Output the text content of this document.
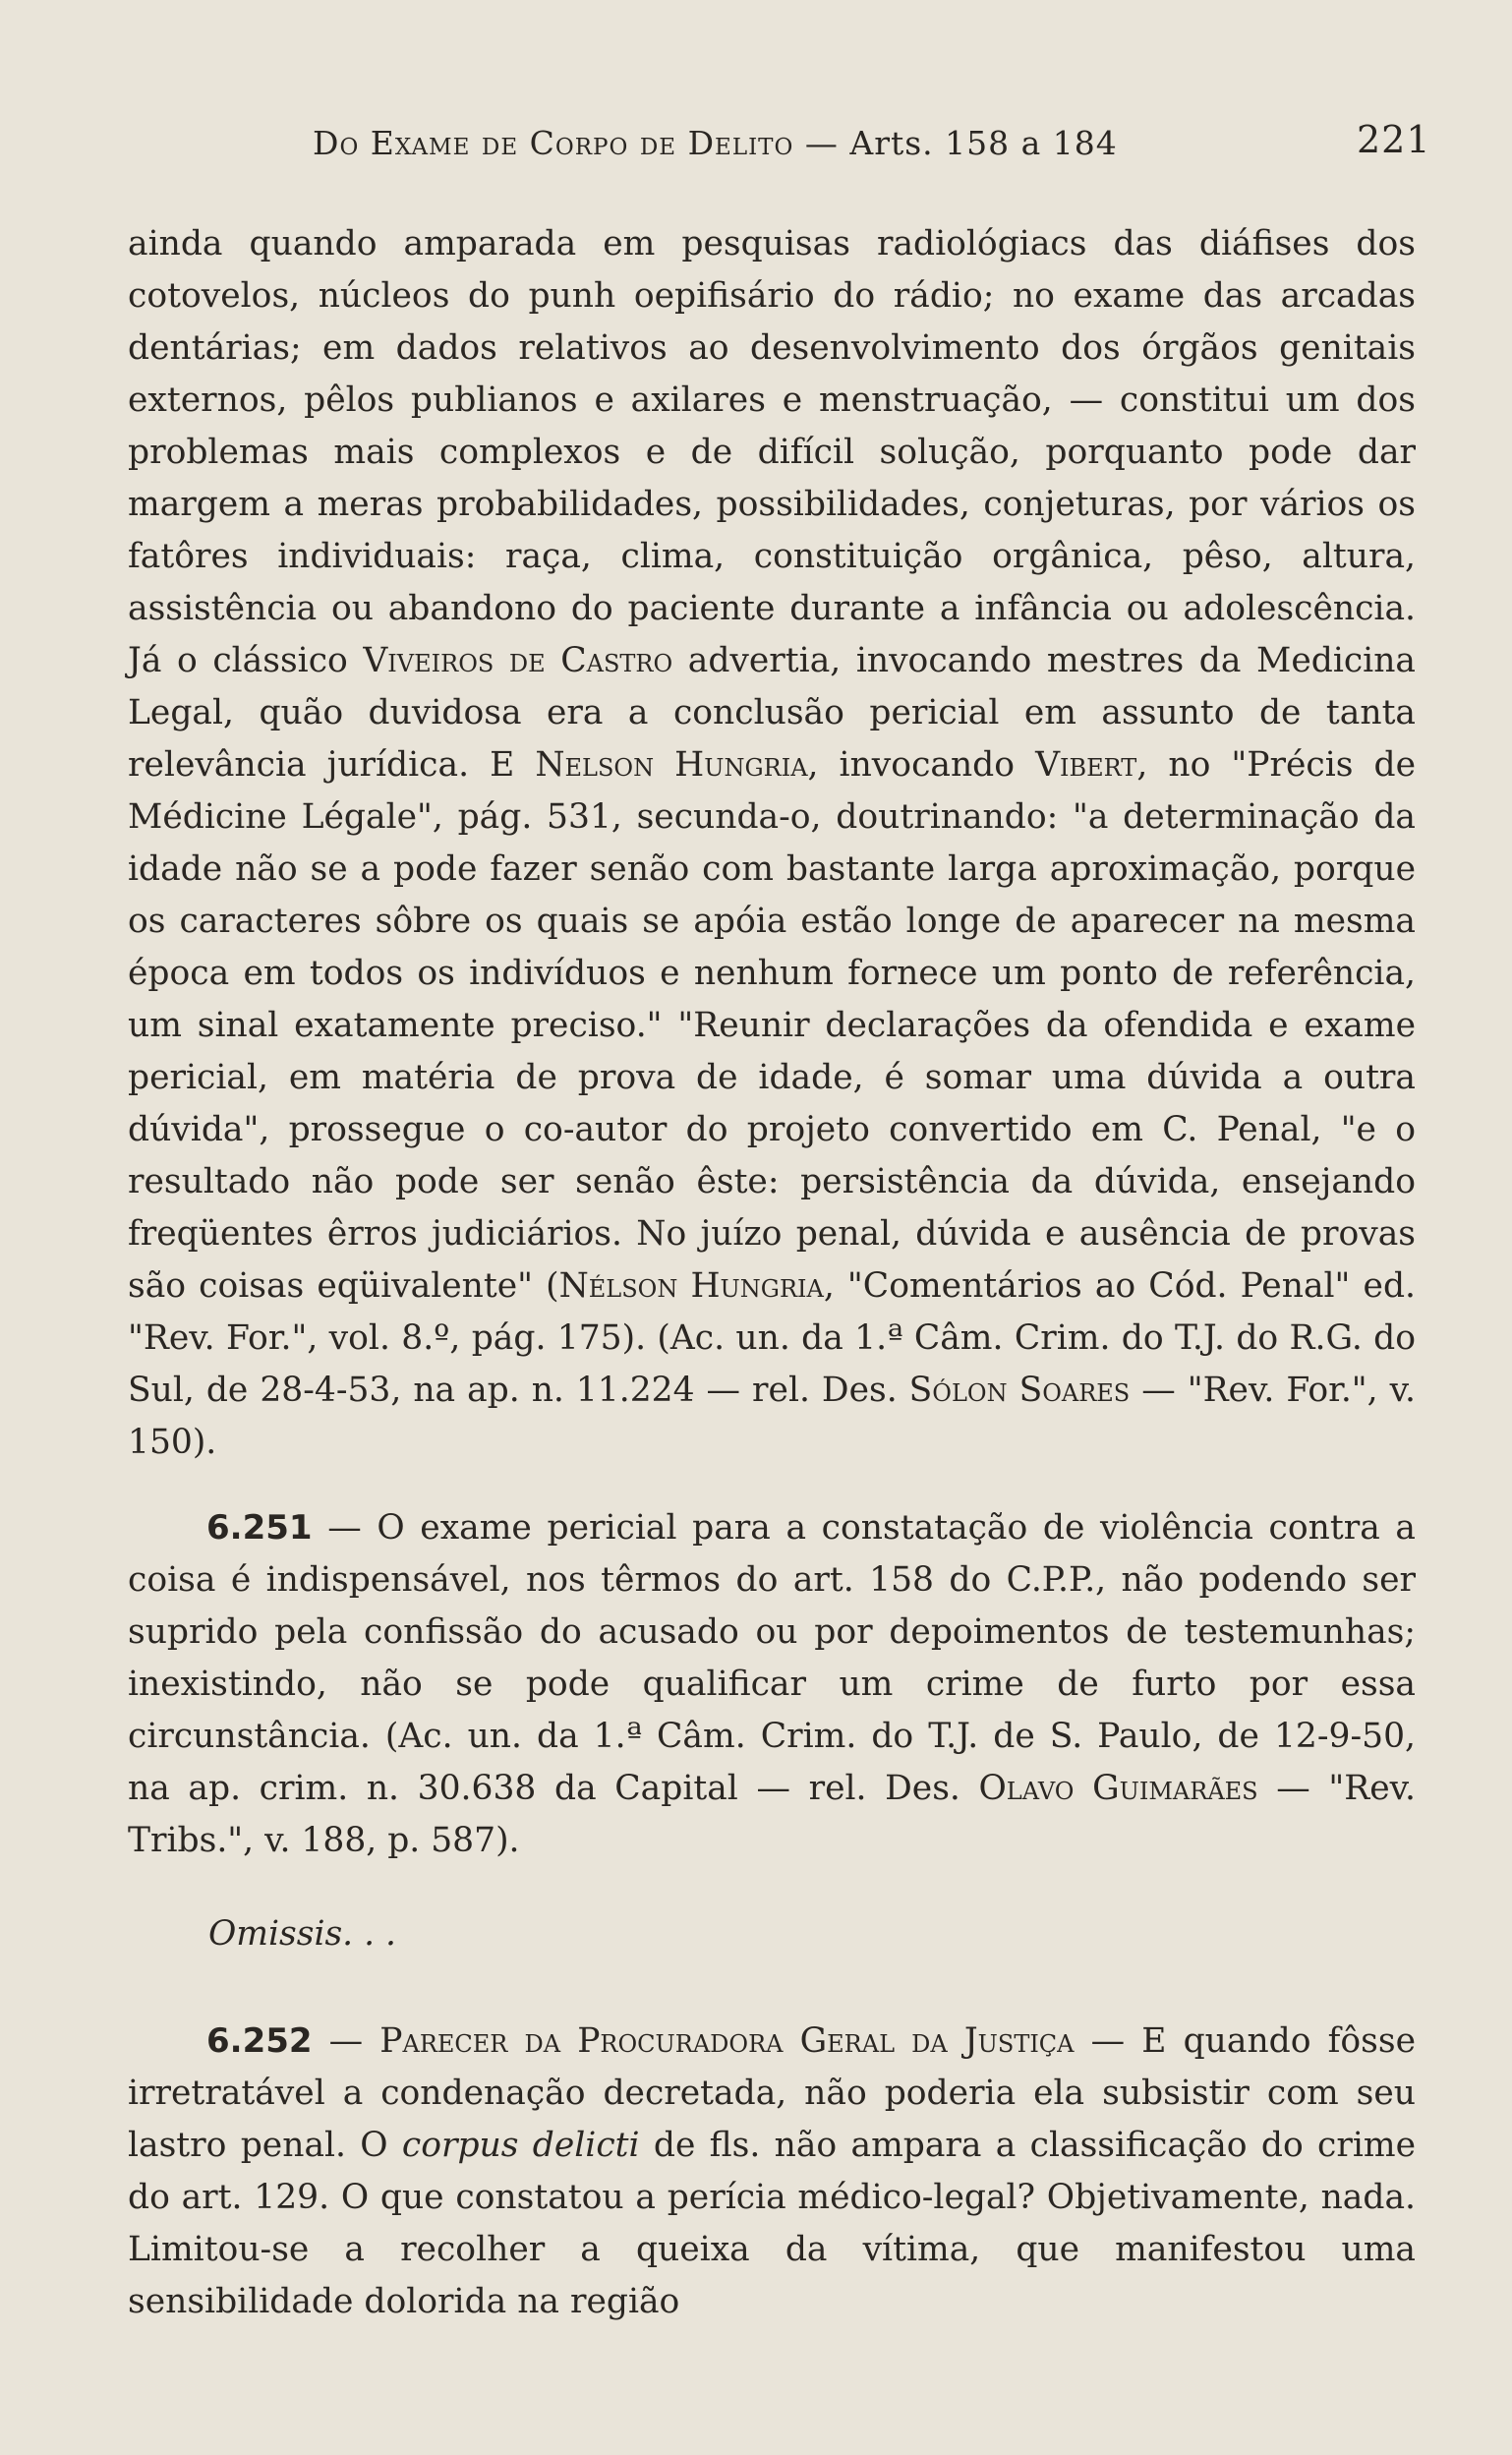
Do Exame de Corpo de Delito — Arts. 158 a 184	221

ainda quando amparada em pesquisas radiológiacs das diáfises dos cotovelos, núcleos do punh oepifisário do rádio; no exame das arcadas dentárias; em dados relativos ao desenvolvimento dos órgãos genitais externos, pêlos publianos e axilares e menstruação, — constitui um dos problemas mais complexos e de difícil solução, porquanto pode dar margem a meras probabilidades, possibilidades, conjeturas, por vários os fatôres individuais: raça, clima, constituição orgânica, pêso, altura, assistência ou abandono do paciente durante a infância ou adolescência. Já o clássico Viveiros de Castro advertia, invocando mestres da Medicina Legal, quão duvidosa era a conclusão pericial em assunto de tanta relevância jurídica. E Nelson Hungria, invocando Vibert, no "Précis de Médicine Légale", pág. 531, secunda-o, doutrinando: "a determinação da idade não se a pode fazer senão com bastante larga aproximação, porque os caracteres sôbre os quais se apóia estão longe de aparecer na mesma época em todos os indivíduos e nenhum fornece um ponto de referência, um sinal exatamente preciso." "Reunir declarações da ofendida e exame pericial, em matéria de prova de idade, é somar uma dúvida a outra dúvida", prossegue o co-autor do projeto convertido em C. Penal, "e o resultado não pode ser senão êste: persistência da dúvida, ensejando freqüentes êrros judiciários. No juízo penal, dúvida e ausência de provas são coisas eqüivalente" (Nélson Hungria, "Comentários ao Cód. Penal" ed. "Rev. For.", vol. 8.º, pág. 175). (Ac. un. da 1.ª Câm. Crim. do T.J. do R.G. do Sul, de 28-4-53, na ap. n. 11.224 — rel. Des. Sólon Soares — "Rev. For.", v. 150).

6.251 — O exame pericial para a constatação de violência contra a coisa é indispensável, nos têrmos do art. 158 do C.P.P., não podendo ser suprido pela confissão do acusado ou por depoimentos de testemunhas; inexistindo, não se pode qualificar um crime de furto por essa circunstância. (Ac. un. da 1.ª Câm. Crim. do T.J. de S. Paulo, de 12-9-50, na ap. crim. n. 30.638 da Capital — rel. Des. Olavo Guimarães — "Rev. Tribs.", v. 188, p. 587).

Omissis. . .

6.252 — Parecer da Procuradora Geral da Justiça — E quando fôsse irretratável a condenação decretada, não poderia ela subsistir com seu lastro penal. O corpus delicti de fls. não ampara a classificação do crime do art. 129. O que constatou a perícia médico-legal? Objetivamente, nada. Limitou-se a recolher a queixa da vítima, que manifestou uma sensibilidade dolorida na região
